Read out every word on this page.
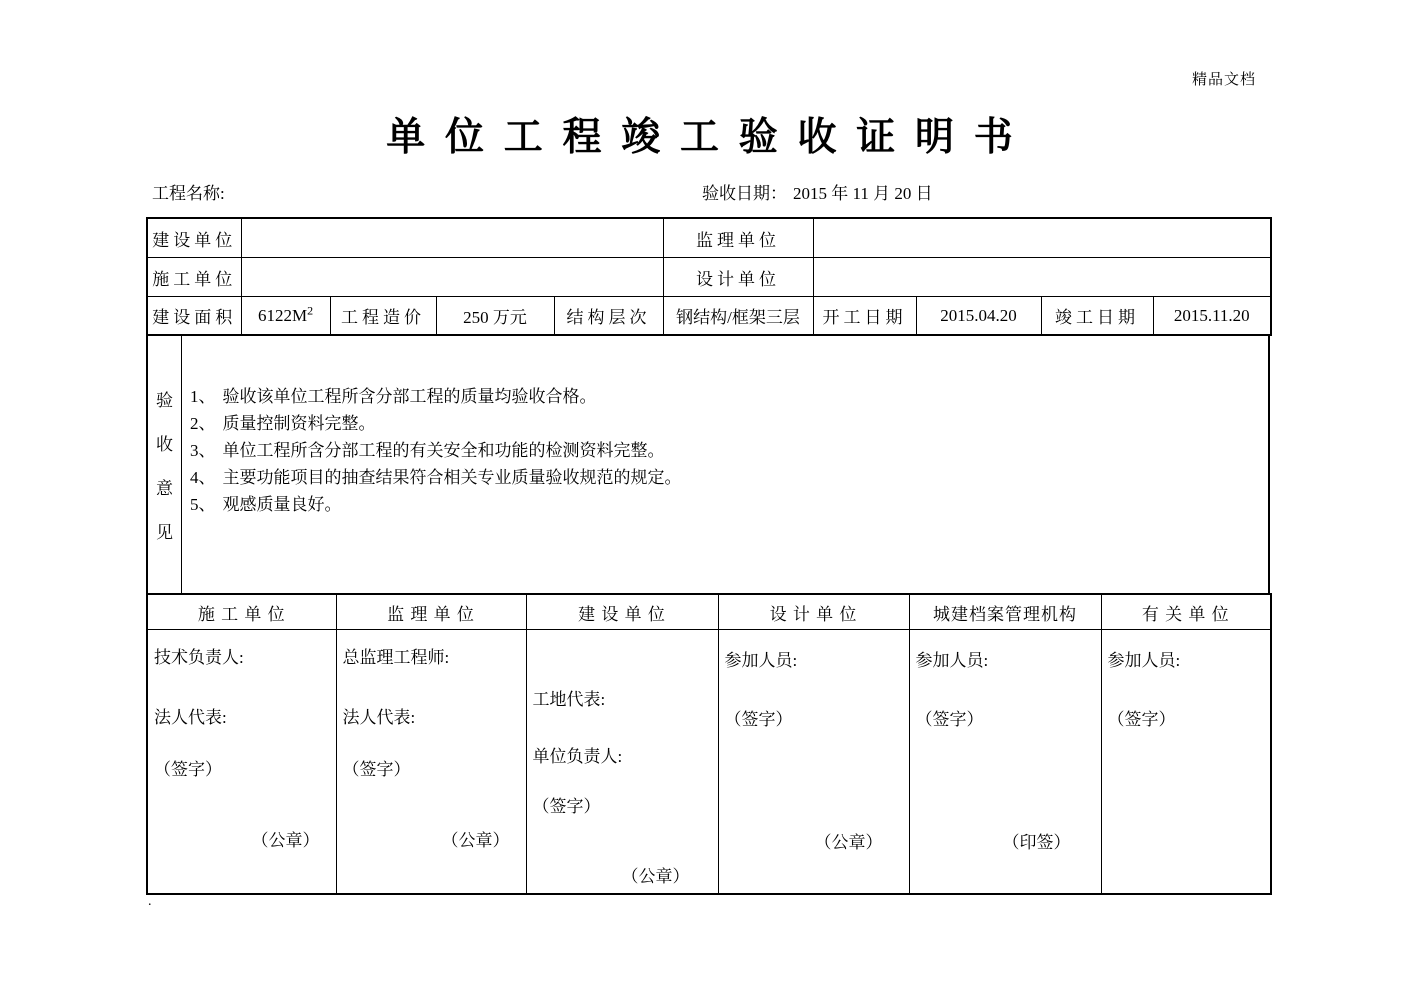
精品文档
单 位 工 程 竣 工 验 收 证 明 书
工程名称:	验收日期： 2015 年 11 月 20 日
建设单位					监理单位				
施工单位					设计单位				
建设面积	$6122M^2$	工程造价	250 万元	结构层次	钢结构/框架三层	开工日期	2015.04.20	竣工日期	2015.11.20
验
收
意
见
1、 验收该单位工程所含分部工程的质量均验收合格。
2、 质量控制资料完整。
3、 单位工程所含分部工程的有关安全和功能的检测资料完整。
4、 主要功能项目的抽查结果符合相关专业质量验收规范的规定。
5、 观感质量良好。
施 工 单 位	监 理 单 位	建 设 单 位	设 计 单 位	城建档案管理机构	有 关 单 位

技术负责人:
法人代表:
（签字）
（公章）

总监理工程师:
法人代表:
（签字）
（公章）

工地代表:
单位负责人:
（签字）
（公章）

参加人员:
（签字）
（公章）

参加人员:
（签字）
（印签）

参加人员:
（签字）
.
